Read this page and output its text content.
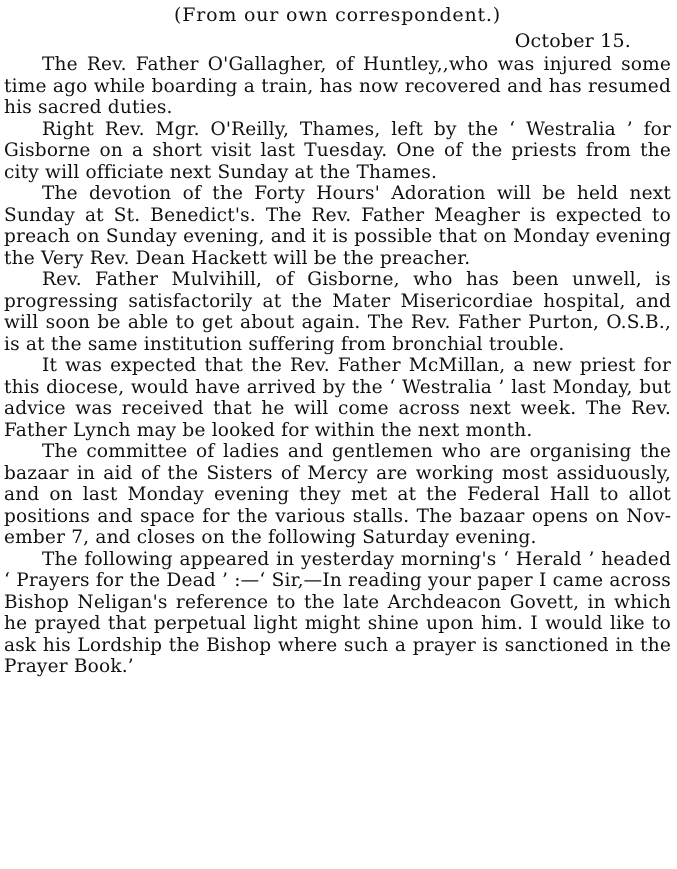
(From our own correspondent.)

October 15.

The Rev. Father O'Gallagher, of Huntley,,who was injured some time ago while boarding a train, has now recovered and has resumed his sacred duties.

Right Rev. Mgr. O'Reilly, Thames, left by the ‘ Westralia ’ for Gisborne on a short visit last Tuesday. One of the priests from the city will officiate next Sunday at the Thames.

The devotion of the Forty Hours' Adoration will be held next Sunday at St. Benedict's. The Rev. Father Meagher is expected to preach on Sunday evening, and it is possible that on Monday evening the Very Rev. Dean Hackett will be the preacher.

Rev. Father Mulvihill, of Gisborne, who has been unwell, is progressing satisfactorily at the Mater Misericordiae hospital, and will soon be able to get about again. The Rev. Father Purton, O.S.B., is at the same institution suffering from bronchial trouble.

It was expected that the Rev. Father McMillan, a new priest for this diocese, would have arrived by the ‘ Westralia ’ last Monday, but advice was received that he will come across next week. The Rev. Father Lynch may be looked for within the next month.

The committee of ladies and gentlemen who are organising the bazaar in aid of the Sisters of Mercy are working most assiduously, and on last Monday evening they met at the Federal Hall to allot positions and space for the various stalls. The bazaar opens on November 7, and closes on the following Saturday evening.

The following appeared in yesterday morning's ‘ Herald ’ headed ‘ Prayers for the Dead ’ :—‘ Sir,—In reading your paper I came across Bishop Neligan's reference to the late Archdeacon Govett, in which he prayed that perpetual light might shine upon him. I would like to ask his Lordship the Bishop where such a prayer is sanctioned in the Prayer Book.’
